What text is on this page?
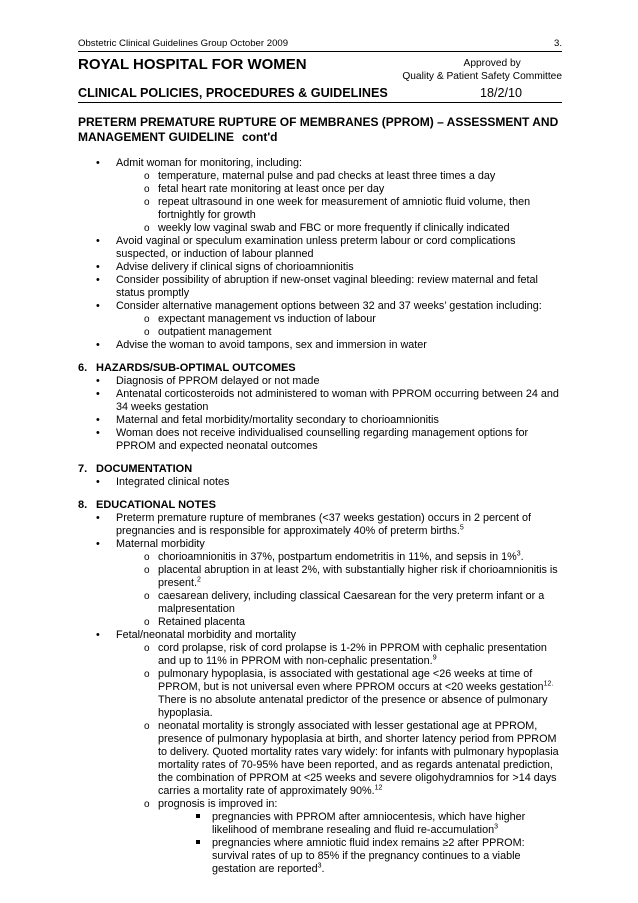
Obstetric Clinical Guidelines Group October 2009	3.
ROYAL HOSPITAL FOR WOMEN	Approved by
Quality & Patient Safety Committee
CLINICAL POLICIES, PROCEDURES & GUIDELINES	18/2/10
PRETERM PREMATURE RUPTURE OF MEMBRANES (PPROM) – ASSESSMENT AND
MANAGEMENT GUIDELINE cont'd
• Admit woman for monitoring, including:
o temperature, maternal pulse and pad checks at least three times a day
o fetal heart rate monitoring at least once per day
o repeat ultrasound in one week for measurement of amniotic fluid volume, then fortnightly for growth
o weekly low vaginal swab and FBC or more frequently if clinically indicated
• Avoid vaginal or speculum examination unless preterm labour or cord complications suspected, or induction of labour planned
• Advise delivery if clinical signs of chorioamnionitis
• Consider possibility of abruption if new-onset vaginal bleeding: review maternal and fetal status promptly
• Consider alternative management options between 32 and 37 weeks’ gestation including:
o expectant management vs induction of labour
o outpatient management
• Advise the woman to avoid tampons, sex and immersion in water
6. HAZARDS/SUB-OPTIMAL OUTCOMES
• Diagnosis of PPROM delayed or not made
• Antenatal corticosteroids not administered to woman with PPROM occurring between 24 and 34 weeks gestation
• Maternal and fetal morbidity/mortality secondary to chorioamnionitis
• Woman does not receive individualised counselling regarding management options for PPROM and expected neonatal outcomes
7. DOCUMENTATION
• Integrated clinical notes
8. EDUCATIONAL NOTES
• Preterm premature rupture of membranes (<37 weeks gestation) occurs in 2 percent of pregnancies and is responsible for approximately 40% of preterm births.$^5$
• Maternal morbidity
o chorioamnionitis in 37%, postpartum endometritis in 11%, and sepsis in 1%$^3$.
o placental abruption in at least 2%, with substantially higher risk if chorioamnionitis is present.$^2$
o caesarean delivery, including classical Caesarean for the very preterm infant or a malpresentation
o Retained placenta
• Fetal/neonatal morbidity and mortality
o cord prolapse, risk of cord prolapse is 1-2% in PPROM with cephalic presentation and up to 11% in PPROM with non-cephalic presentation.$^9$
o pulmonary hypoplasia, is associated with gestational age <26 weeks at time of PPROM, but is not universal even where PPROM occurs at <20 weeks gestation$^{12.}$ There is no absolute antenatal predictor of the presence or absence of pulmonary hypoplasia.
o neonatal mortality is strongly associated with lesser gestational age at PPROM, presence of pulmonary hypoplasia at birth, and shorter latency period from PPROM to delivery. Quoted mortality rates vary widely: for infants with pulmonary hypoplasia mortality rates of 70-95% have been reported, and as regards antenatal prediction, the combination of PPROM at <25 weeks and severe oligohydramnios for >14 days carries a mortality rate of approximately 90%.$^{12}$
o prognosis is improved in:
pregnancies with PPROM after amniocentesis, which have higher likelihood of membrane resealing and fluid re-accumulation$^3$
pregnancies where amniotic fluid index remains ≥2 after PPROM: survival rates of up to 85% if the pregnancy continues to a viable gestation are reported$^3$.
